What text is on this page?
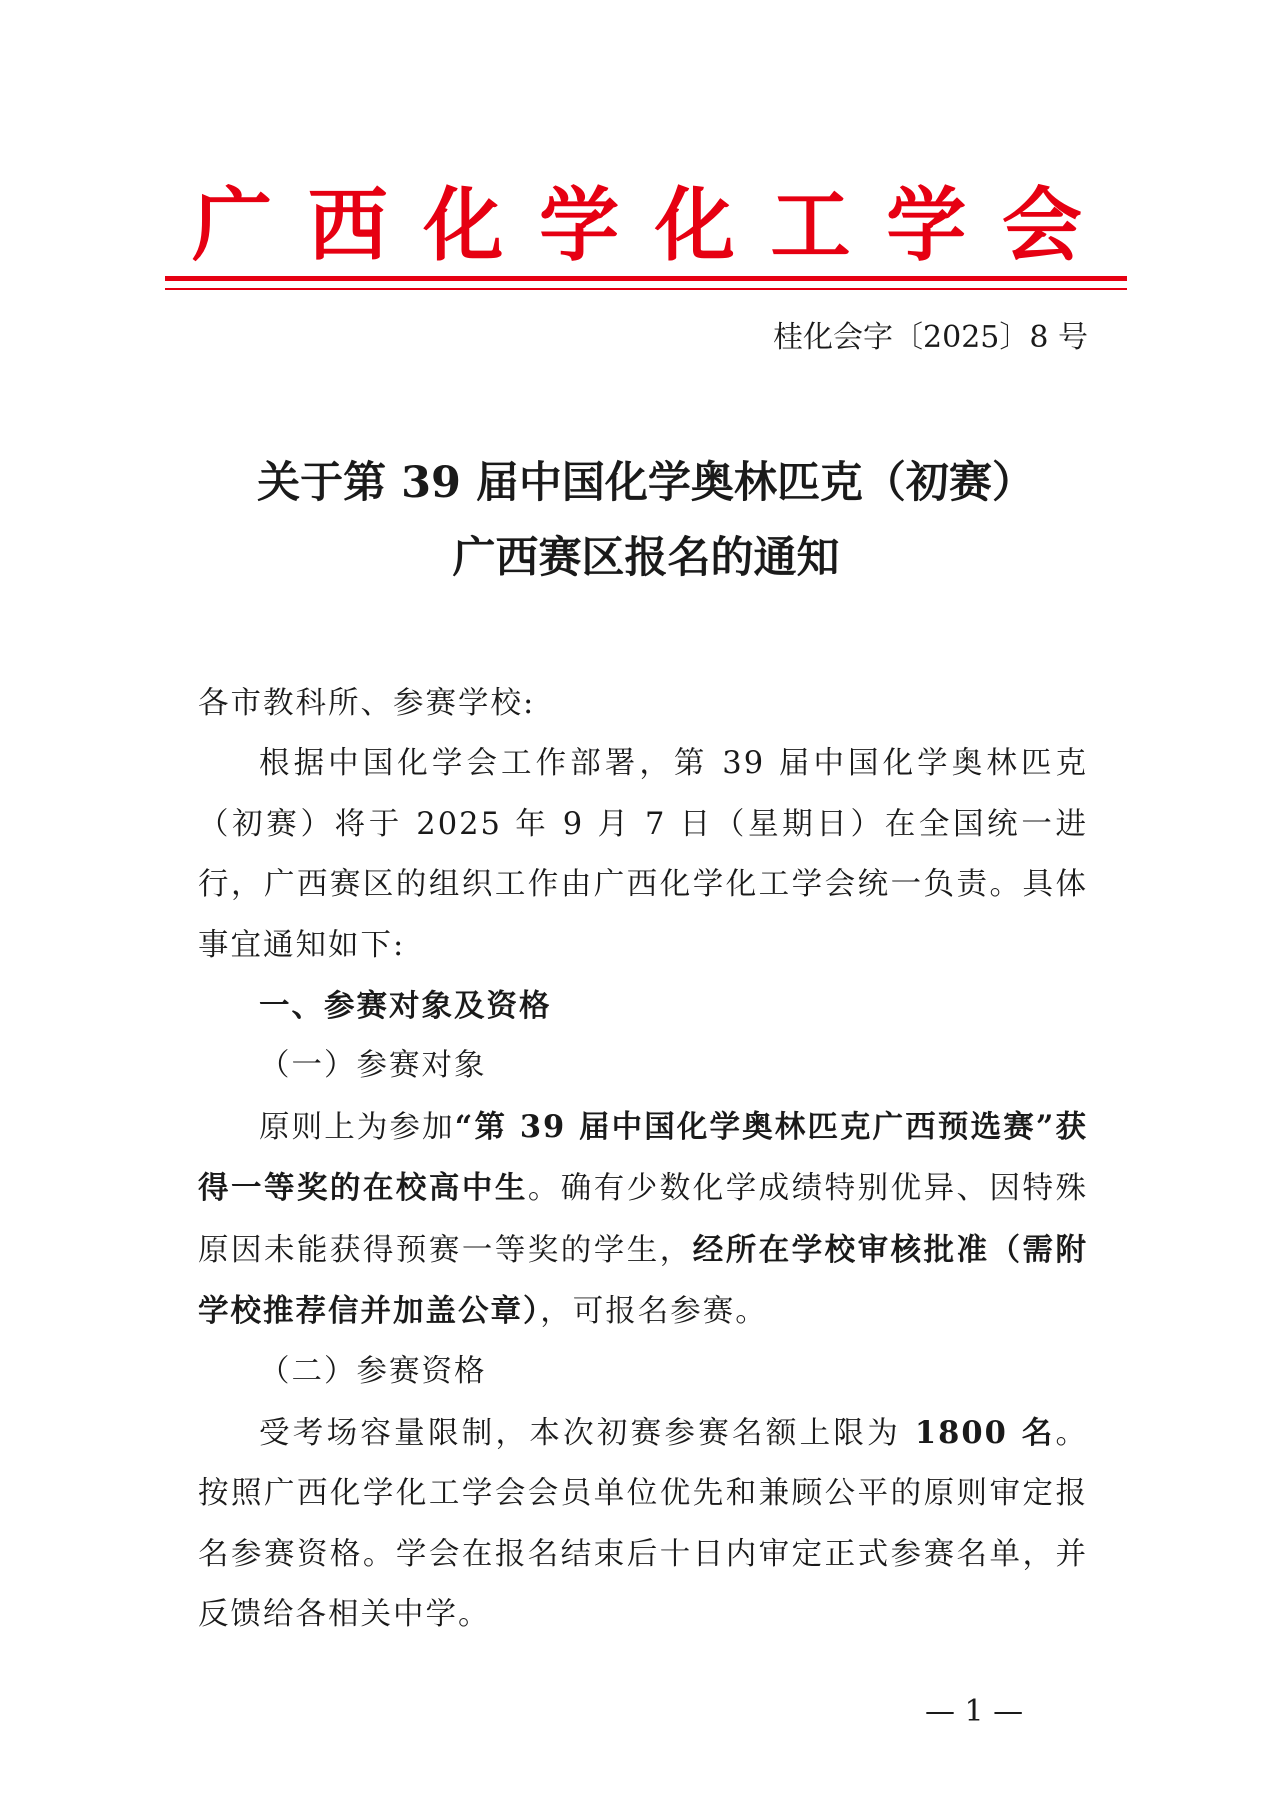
广 西 化 学 化 工 学 会
桂化会字〔2025〕8 号
关于第 39 届中国化学奥林匹克（初赛）
广西赛区报名的通知

各市教科所、参赛学校:

根据中国化学会工作部署，第 39 届中国化学奥林匹克（初赛）将于 2025 年 9 月 7 日（星期日）在全国统一进行，广西赛区的组织工作由广西化学化工学会统一负责。具体事宜通知如下:

一、参赛对象及资格

（一）参赛对象

原则上为参加“第 39 届中国化学奥林匹克广西预选赛”获得一等奖的在校高中生。确有少数化学成绩特别优异、因特殊原因未能获得预赛一等奖的学生，经所在学校审核批准（需附学校推荐信并加盖公章），可报名参赛。

（二）参赛资格

受考场容量限制，本次初赛参赛名额上限为 1800 名。按照广西化学化工学会会员单位优先和兼顾公平的原则审定报名参赛资格。学会在报名结束后十日内审定正式参赛名单，并反馈给各相关中学。

— 1 —
